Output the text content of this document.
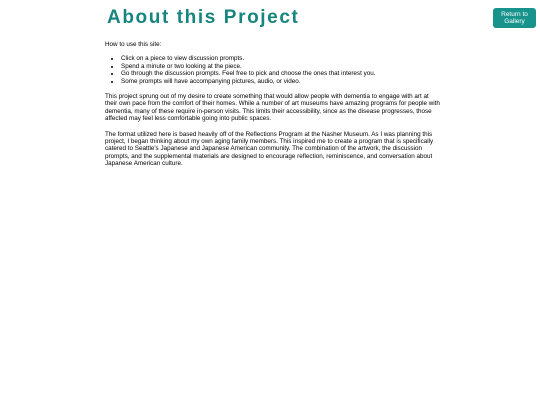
About this Project	Return to
Gallery

How to use this site:

• Click on a piece to view discussion prompts.
• Spend a minute or two looking at the piece.
• Go through the discussion prompts. Feel free to pick and choose the ones that interest you.
• Some prompts will have accompanying pictures, audio, or video.

This project sprung out of my desire to create something that would allow people with dementia to engage with art at their own pace from the comfort of their homes. While a number of art museums have amazing programs for people with dementia, many of these require in-person visits. This limits their accessibility, since as the disease progresses, those affected may feel less comfortable going into public spaces.

The format utilized here is based heavily off of the Reflections Program at the Nasher Museum. As I was planning this project, I began thinking about my own aging family members. This inspired me to create a program that is specifically catered to Seattle's Japanese and Japanese American community. The combination of the artwork, the discussion prompts, and the supplemental materials are designed to encourage reflection, reminiscence, and conversation about Japanese American culture.
